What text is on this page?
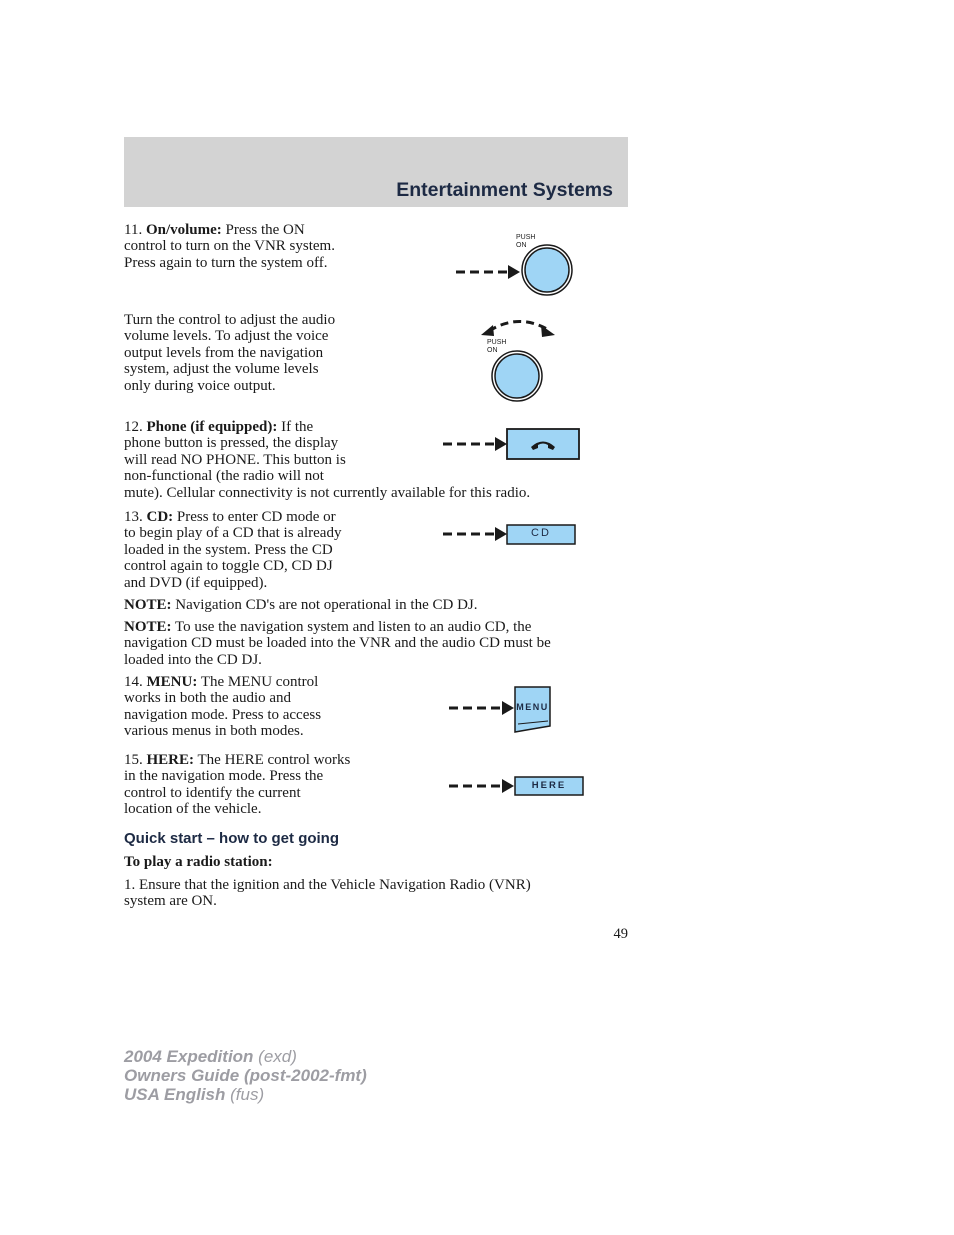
Entertainment Systems
11. On/volume: Press the ON
control to turn on the VNR system.
Press again to turn the system off.
PUSH
ON
Turn the control to adjust the audio
volume levels. To adjust the voice
output levels from the navigation
system, adjust the volume levels
only during voice output.
PUSH
ON
12. Phone (if equipped): If the
phone button is pressed, the display
will read NO PHONE. This button is
non-functional (the radio will not
mute). Cellular connectivity is not currently available for this radio.
13. CD: Press to enter CD mode or
to begin play of a CD that is already
loaded in the system. Press the CD
control again to toggle CD, CD DJ
and DVD (if equipped).
CD
NOTE: Navigation CD's are not operational in the CD DJ.
NOTE: To use the navigation system and listen to an audio CD, the
navigation CD must be loaded into the VNR and the audio CD must be
loaded into the CD DJ.
14. MENU: The MENU control
works in both the audio and
navigation mode. Press to access
various menus in both modes.
MENU
15. HERE: The HERE control works
in the navigation mode. Press the
control to identify the current
location of the vehicle.
HERE
Quick start – how to get going
To play a radio station:
1. Ensure that the ignition and the Vehicle Navigation Radio (VNR)
system are ON.
49
2004 Expedition (exd)
Owners Guide (post-2002-fmt)
USA English (fus)
